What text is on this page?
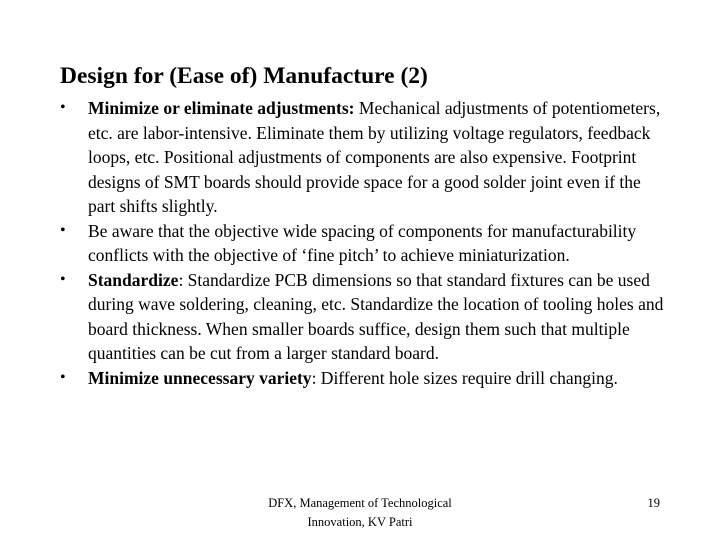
Design for (Ease of) Manufacture (2)
• Minimize or eliminate adjustments: Mechanical adjustments of potentiometers, etc. are labor-intensive. Eliminate them by utilizing voltage regulators, feedback loops, etc. Positional adjustments of components are also expensive. Footprint designs of SMT boards should provide space for a good solder joint even if the part shifts slightly.
• Be aware that the objective wide spacing of components for manufacturability conflicts with the objective of ‘fine pitch’ to achieve miniaturization.
• Standardize: Standardize PCB dimensions so that standard fixtures can be used during wave soldering, cleaning, etc. Standardize the location of tooling holes and board thickness. When smaller boards suffice, design them such that multiple quantities can be cut from a larger standard board.
• Minimize unnecessary variety: Different hole sizes require drill changing.
DFX, Management of Technological
Innovation, KV Patri
19
